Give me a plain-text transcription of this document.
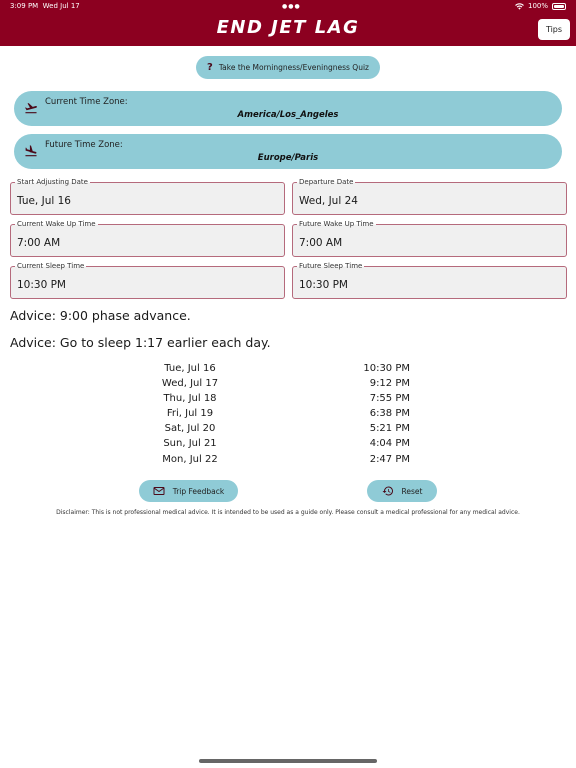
3:09 PM Wed Jul 17	●●●	100%
END JET LAG	Tips
? Take the Morningness/Eveningness Quiz
Current Time Zone:
America/Los_Angeles
Future Time Zone:
Europe/Paris
Start Adjusting Date
Tue, Jul 16
Departure Date
Wed, Jul 24
Current Wake Up Time
7:00 AM
Future Wake Up Time
7:00 AM
Current Sleep Time
10:30 PM
Future Sleep Time
10:30 PM
Advice: 9:00 phase advance.
Advice: Go to sleep 1:17 earlier each day.
Tue, Jul 16	10:30 PM
Wed, Jul 17	9:12 PM
Thu, Jul 18	7:55 PM
Fri, Jul 19	6:38 PM
Sat, Jul 20	5:21 PM
Sun, Jul 21	4:04 PM
Mon, Jul 22	2:47 PM
Trip Feedback	Reset
Disclaimer: This is not professional medical advice. It is intended to be used as a guide only. Please consult a medical professional for any medical advice.
